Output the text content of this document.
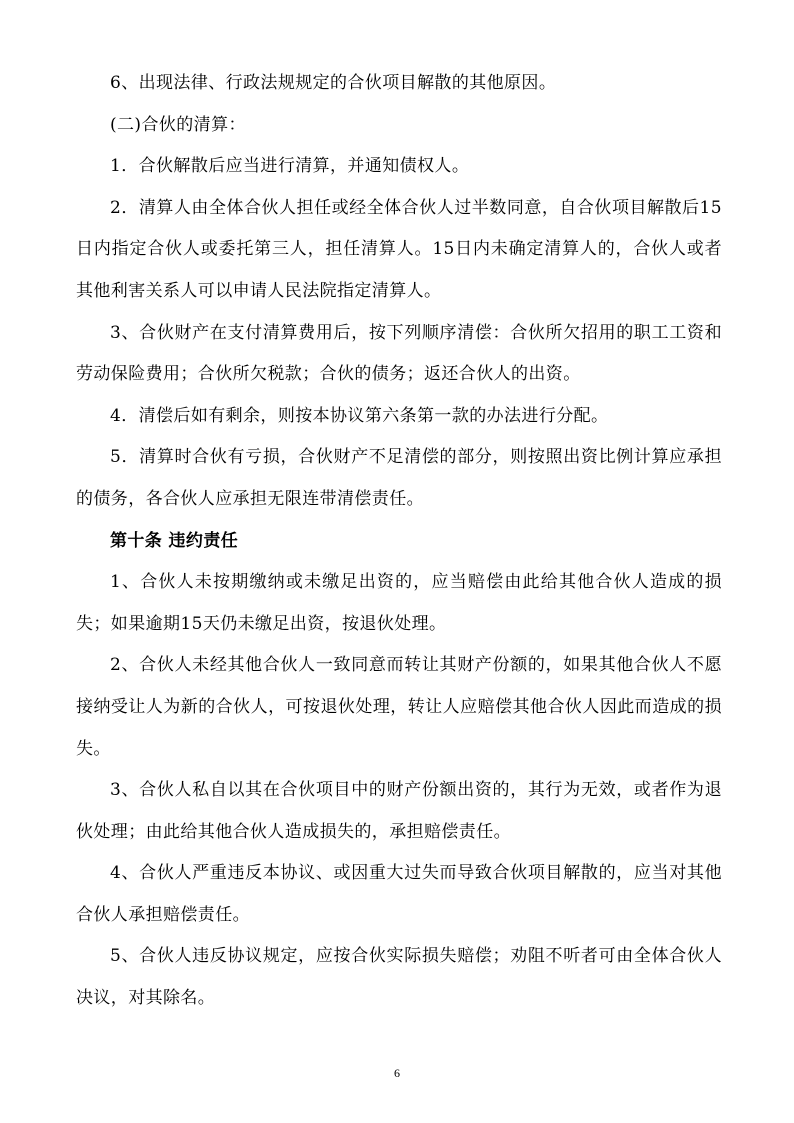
6、出现法律、行政法规规定的合伙项目解散的其他原因。

(二)合伙的清算：

1．合伙解散后应当进行清算，并通知债权人。

2．清算人由全体合伙人担任或经全体合伙人过半数同意，自合伙项目解散后15日内指定合伙人或委托第三人，担任清算人。15日内未确定清算人的，合伙人或者其他利害关系人可以申请人民法院指定清算人。

3、合伙财产在支付清算费用后，按下列顺序清偿：合伙所欠招用的职工工资和劳动保险费用；合伙所欠税款；合伙的债务；返还合伙人的出资。

4．清偿后如有剩余，则按本协议第六条第一款的办法进行分配。

5．清算时合伙有亏损，合伙财产不足清偿的部分，则按照出资比例计算应承担的债务，各合伙人应承担无限连带清偿责任。

第十条 违约责任

1、合伙人未按期缴纳或未缴足出资的，应当赔偿由此给其他合伙人造成的损失；如果逾期15天仍未缴足出资，按退伙处理。

2、合伙人未经其他合伙人一致同意而转让其财产份额的，如果其他合伙人不愿接纳受让人为新的合伙人，可按退伙处理，转让人应赔偿其他合伙人因此而造成的损失。

3、合伙人私自以其在合伙项目中的财产份额出资的，其行为无效，或者作为退伙处理；由此给其他合伙人造成损失的，承担赔偿责任。

4、合伙人严重违反本协议、或因重大过失而导致合伙项目解散的，应当对其他合伙人承担赔偿责任。

5、合伙人违反协议规定，应按合伙实际损失赔偿；劝阻不听者可由全体合伙人决议，对其除名。

6
